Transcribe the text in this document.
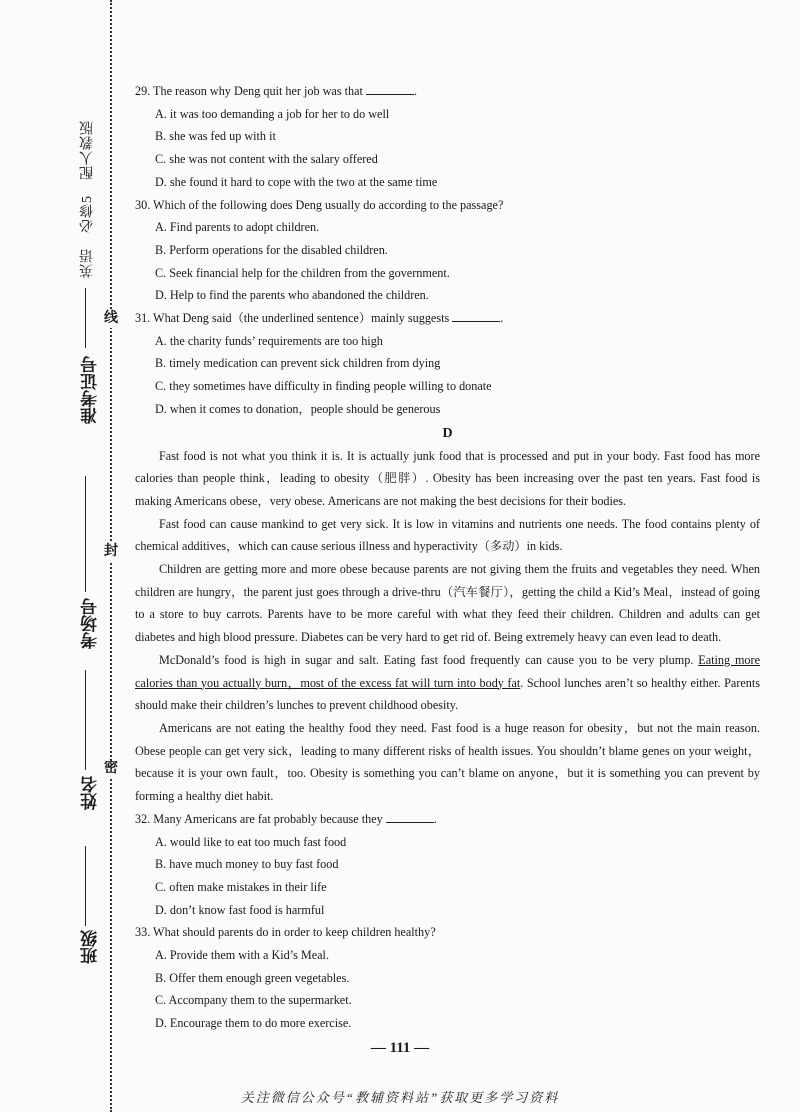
线
封
密
英语　必修5　配人教版
准考证号
考场号
姓名
班级

29. The reason why Deng quit her job was that	.

A. it was too demanding a job for her to do well

B. she was fed up with it

C. she was not content with the salary offered

D. she found it hard to cope with the two at the same time

30. Which of the following does Deng usually do according to the passage?

A. Find parents to adopt children.

B. Perform operations for the disabled children.

C. Seek financial help for the children from the government.

D. Help to find the parents who abandoned the children.

31. What Deng said（the underlined sentence）mainly suggests	.

A. the charity funds’ requirements are too high

B. timely medication can prevent sick children from dying

C. they sometimes have difficulty in finding people willing to donate

D. when it comes to donation，people should be generous

D

Fast food is not what you think it is. It is actually junk food that is processed and put in your body. Fast food has more calories than people think，leading to obesity（肥胖）. Obesity has been increasing over the past ten years. Fast food is making Americans obese，very obese. Americans are not making the best decisions for their bodies.

Fast food can cause mankind to get very sick. It is low in vitamins and nutrients one needs. The food contains plenty of chemical additives，which can cause serious illness and hyperactivity（多动）in kids.

Children are getting more and more obese because parents are not giving them the fruits and vegetables they need. When children are hungry，the parent just goes through a drive-thru（汽车餐厅），getting the child a Kid’s Meal，instead of going to a store to buy carrots. Parents have to be more careful with what they feed their children. Children and adults can get diabetes and high blood pressure. Diabetes can be very hard to get rid of. Being extremely heavy can even lead to death.

McDonald’s food is high in sugar and salt. Eating fast food frequently can cause you to be very plump. Eating more calories than you actually burn，most of the excess fat will turn into body fat. School lunches aren’t so healthy either. Parents should make their children’s lunches to prevent childhood obesity.

Americans are not eating the healthy food they need. Fast food is a huge reason for obesity，but not the main reason. Obese people can get very sick，leading to many different risks of health issues. You shouldn’t blame genes on your weight，because it is your own fault，too. Obesity is something you can’t blame on anyone，but it is something you can prevent by forming a healthy diet habit.

32. Many Americans are fat probably because they	.

A. would like to eat too much fast food

B. have much money to buy fast food

C. often make mistakes in their life

D. don’t know fast food is harmful

33. What should parents do in order to keep children healthy?

A. Provide them with a Kid’s Meal.

B. Offer them enough green vegetables.

C. Accompany them to the supermarket.

D. Encourage them to do more exercise.

— 111 —
关注微信公众号“教辅资料站”获取更多学习资料
